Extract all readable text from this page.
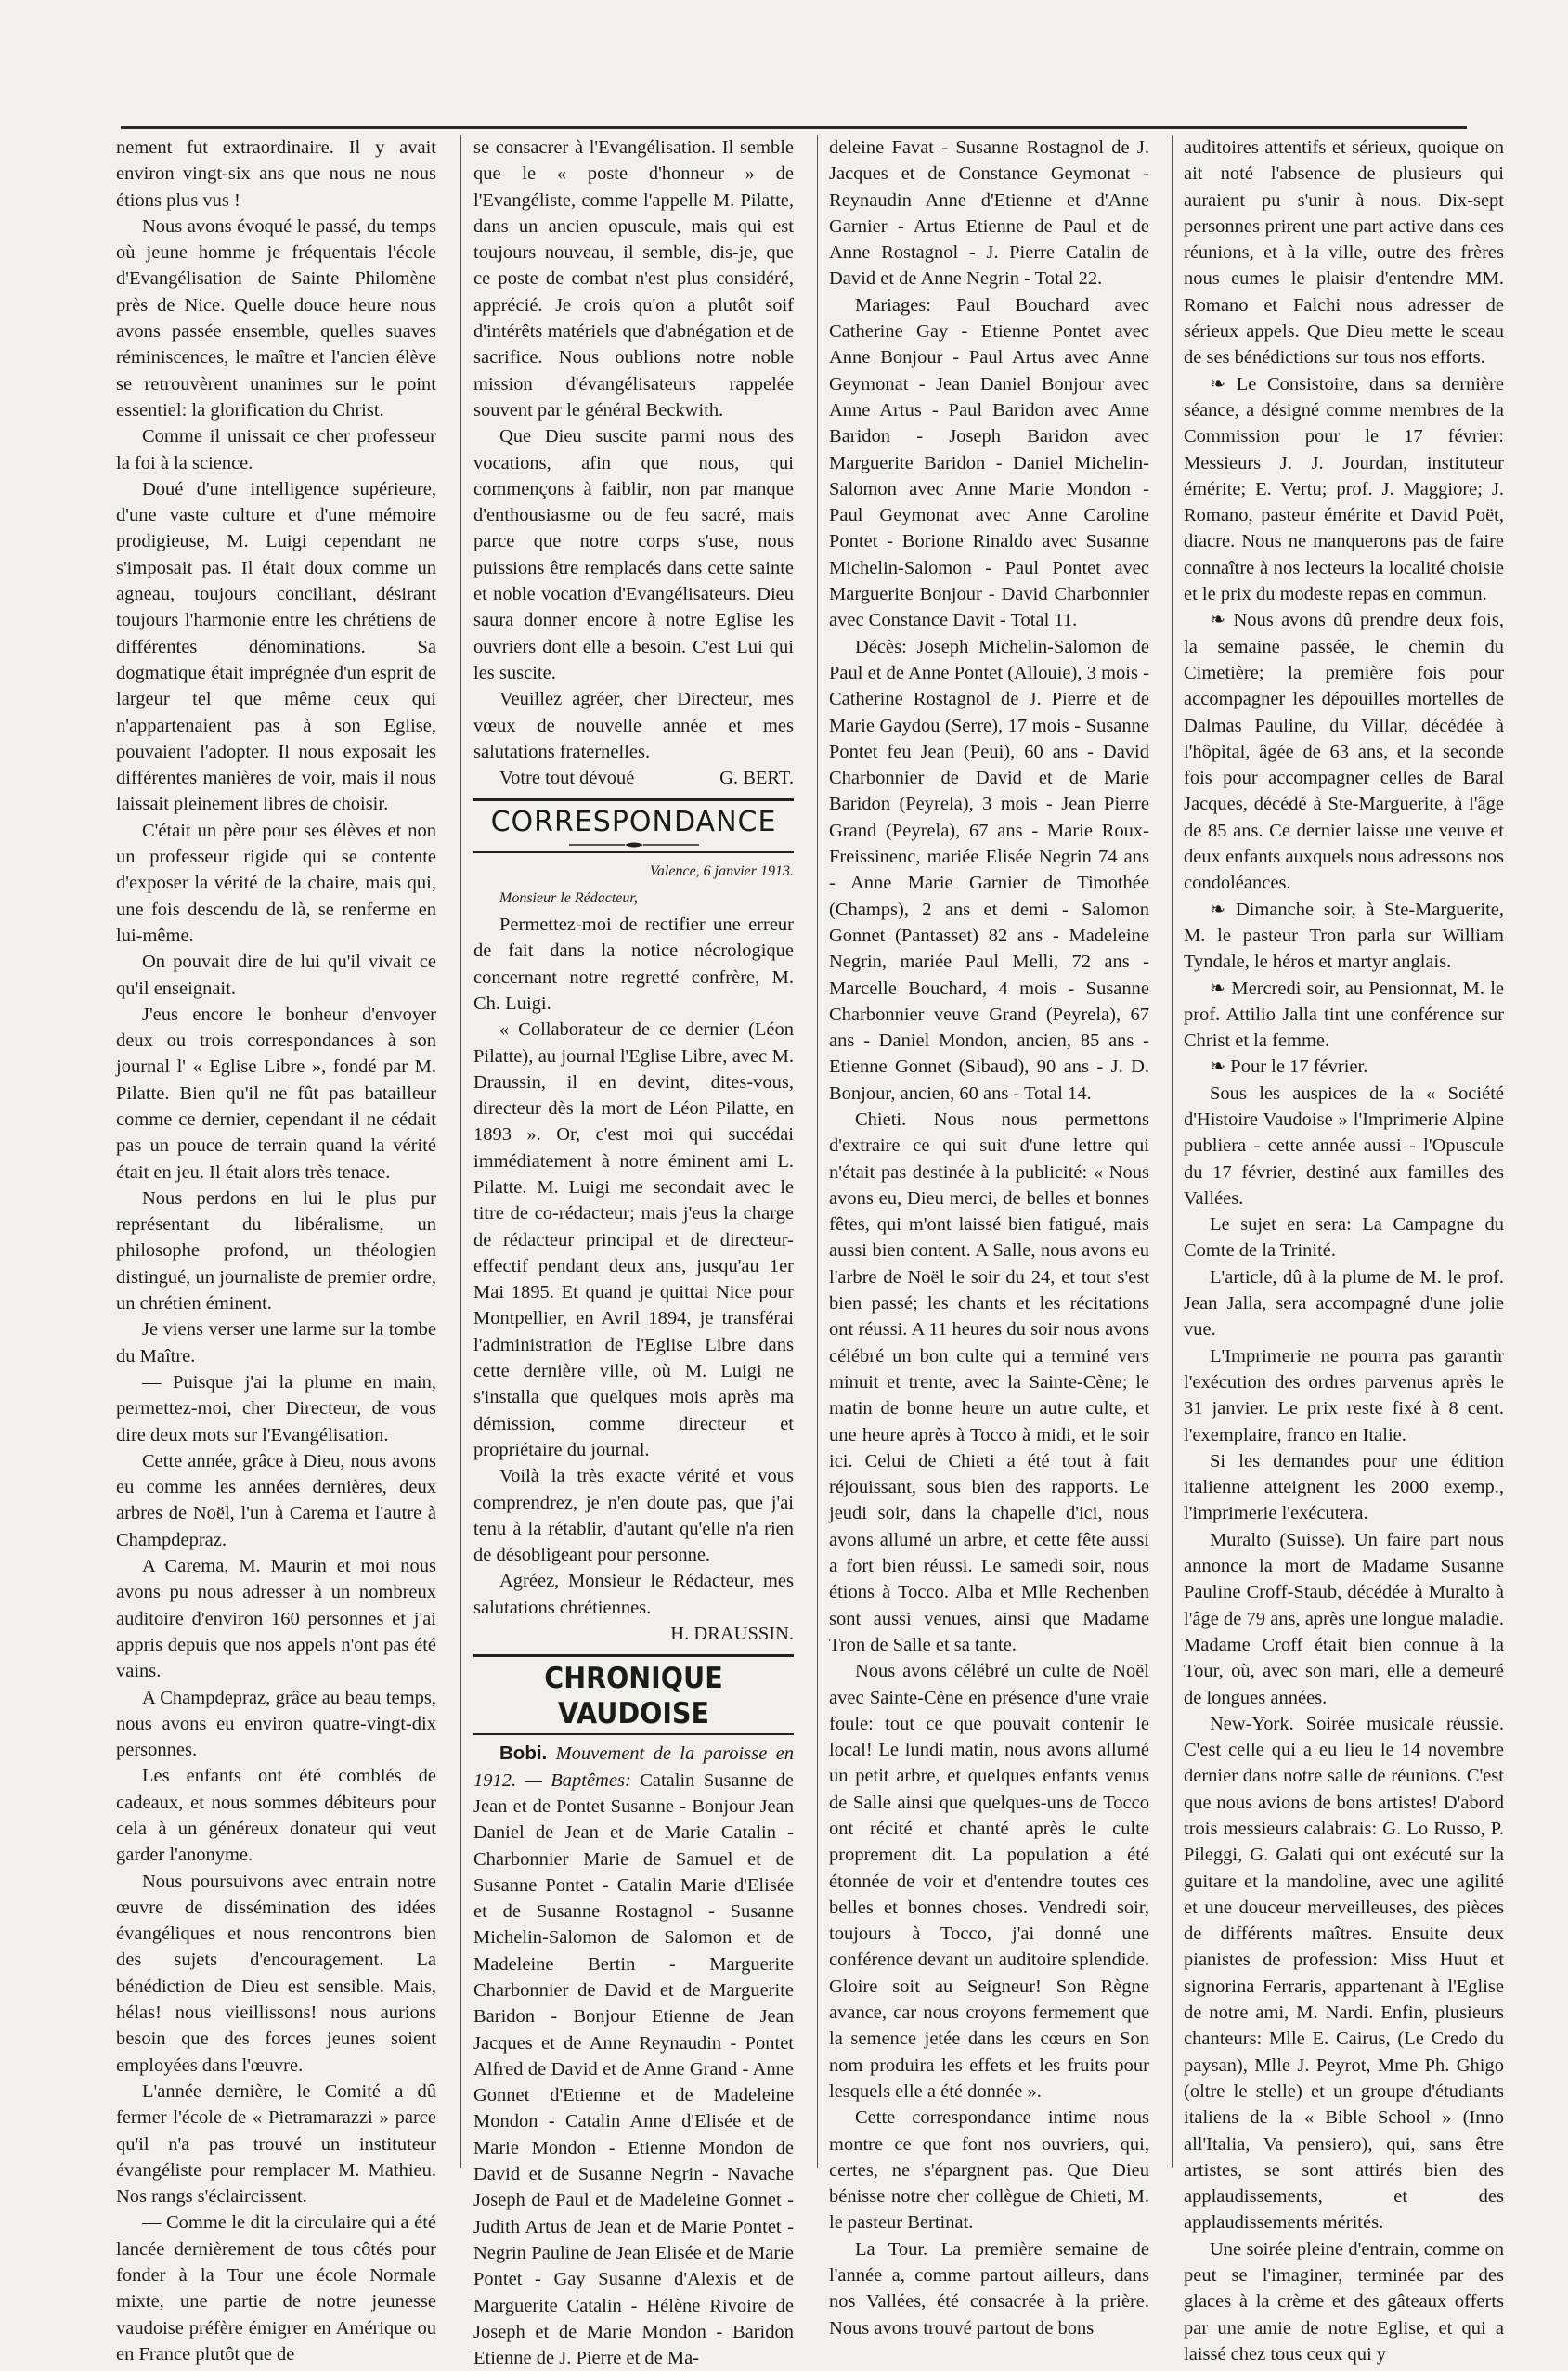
nement fut extraordinaire. Il y avait environ vingt-six ans que nous ne nous étions plus vus !

Nous avons évoqué le passé, du temps où jeune homme je fréquentais l'école d'Evangélisation de Sainte Philomène près de Nice. Quelle douce heure nous avons passée ensemble, quelles suaves réminiscences, le maître et l'ancien élève se retrouvèrent unanimes sur le point essentiel: la glorification du Christ.

Comme il unissait ce cher professeur la foi à la science.

Doué d'une intelligence supérieure, d'une vaste culture et d'une mémoire prodigieuse, M. Luigi cependant ne s'imposait pas. Il était doux comme un agneau, toujours conciliant, désirant toujours l'harmonie entre les chrétiens de différentes dénominations. Sa dogmatique était imprégnée d'un esprit de largeur tel que même ceux qui n'appartenaient pas à son Eglise, pouvaient l'adopter. Il nous exposait les différentes manières de voir, mais il nous laissait pleinement libres de choisir.

C'était un père pour ses élèves et non un professeur rigide qui se contente d'exposer la vérité de la chaire, mais qui, une fois descendu de là, se renferme en lui-même.

On pouvait dire de lui qu'il vivait ce qu'il enseignait.

J'eus encore le bonheur d'envoyer deux ou trois correspondances à son journal l' « Eglise Libre », fondé par M. Pilatte. Bien qu'il ne fût pas batailleur comme ce dernier, cependant il ne cédait pas un pouce de terrain quand la vérité était en jeu. Il était alors très tenace.

Nous perdons en lui le plus pur représentant du libéralisme, un philosophe profond, un théologien distingué, un journaliste de premier ordre, un chrétien éminent.

Je viens verser une larme sur la tombe du Maître.

— Puisque j'ai la plume en main, permettez-moi, cher Directeur, de vous dire deux mots sur l'Evangélisation.

Cette année, grâce à Dieu, nous avons eu comme les années dernières, deux arbres de Noël, l'un à Carema et l'autre à Champdepraz.

A Carema, M. Maurin et moi nous avons pu nous adresser à un nombreux auditoire d'environ 160 personnes et j'ai appris depuis que nos appels n'ont pas été vains.

A Champdepraz, grâce au beau temps, nous avons eu environ quatre-vingt-dix personnes.

Les enfants ont été comblés de cadeaux, et nous sommes débiteurs pour cela à un généreux donateur qui veut garder l'anonyme.

Nous poursuivons avec entrain notre œuvre de dissémination des idées évangéliques et nous rencontrons bien des sujets d'encouragement. La bénédiction de Dieu est sensible. Mais, hélas! nous vieillissons! nous aurions besoin que des forces jeunes soient employées dans l'œuvre.

L'année dernière, le Comité a dû fermer l'école de « Pietramarazzi » parce qu'il n'a pas trouvé un instituteur évangéliste pour remplacer M. Mathieu. Nos rangs s'éclaircissent.

— Comme le dit la circulaire qui a été lancée dernièrement de tous côtés pour fonder à la Tour une école Normale mixte, une partie de notre jeunesse vaudoise préfère émigrer en Amérique ou en France plutôt que de

se consacrer à l'Evangélisation. Il semble que le « poste d'honneur » de l'Evangéliste, comme l'appelle M. Pilatte, dans un ancien opuscule, mais qui est toujours nouveau, il semble, dis-je, que ce poste de combat n'est plus considéré, apprécié. Je crois qu'on a plutôt soif d'intérêts matériels que d'abnégation et de sacrifice. Nous oublions notre noble mission d'évangélisateurs rappelée souvent par le général Beckwith.

Que Dieu suscite parmi nous des vocations, afin que nous, qui commençons à faiblir, non par manque d'enthousiasme ou de feu sacré, mais parce que notre corps s'use, nous puissions être remplacés dans cette sainte et noble vocation d'Evangélisateurs. Dieu saura donner encore à notre Eglise les ouvriers dont elle a besoin. C'est Lui qui les suscite.

Veuillez agréer, cher Directeur, mes vœux de nouvelle année et mes salutations fraternelles.

Votre tout dévoué	G. BERT.

CORRESPONDANCE

Valence, 6 janvier 1913.

Monsieur le Rédacteur,

Permettez-moi de rectifier une erreur de fait dans la notice nécrologique concernant notre regretté confrère, M. Ch. Luigi.

« Collaborateur de ce dernier (Léon Pilatte), au journal l'Eglise Libre, avec M. Draussin, il en devint, dites-vous, directeur dès la mort de Léon Pilatte, en 1893 ». Or, c'est moi qui succédai immédiatement à notre éminent ami L. Pilatte. M. Luigi me secondait avec le titre de co-rédacteur; mais j'eus la charge de rédacteur principal et de directeur-effectif pendant deux ans, jusqu'au 1er Mai 1895. Et quand je quittai Nice pour Montpellier, en Avril 1894, je transférai l'administration de l'Eglise Libre dans cette dernière ville, où M. Luigi ne s'installa que quelques mois après ma démission, comme directeur et propriétaire du journal.

Voilà la très exacte vérité et vous comprendrez, je n'en doute pas, que j'ai tenu à la rétablir, d'autant qu'elle n'a rien de désobligeant pour personne.

Agréez, Monsieur le Rédacteur, mes salutations chrétiennes.

H. DRAUSSIN.

CHRONIQUE VAUDOISE

Bobi. Mouvement de la paroisse en 1912. — Baptêmes: Catalin Susanne de Jean et de Pontet Susanne - Bonjour Jean Daniel de Jean et de Marie Catalin - Charbonnier Marie de Samuel et de Susanne Pontet - Catalin Marie d'Elisée et de Susanne Rostagnol - Susanne Michelin-Salomon de Salomon et de Madeleine Bertin - Marguerite Charbonnier de David et de Marguerite Baridon - Bonjour Etienne de Jean Jacques et de Anne Reynaudin - Pontet Alfred de David et de Anne Grand - Anne Gonnet d'Etienne et de Madeleine Mondon - Catalin Anne d'Elisée et de Marie Mondon - Etienne Mondon de David et de Susanne Negrin - Navache Joseph de Paul et de Madeleine Gonnet - Judith Artus de Jean et de Marie Pontet - Negrin Pauline de Jean Elisée et de Marie Pontet - Gay Susanne d'Alexis et de Marguerite Catalin - Hélène Rivoire de Joseph et de Marie Mondon - Baridon Etienne de J. Pierre et de Ma-

deleine Favat - Susanne Rostagnol de J. Jacques et de Constance Geymonat - Reynaudin Anne d'Etienne et d'Anne Garnier - Artus Etienne de Paul et de Anne Rostagnol - J. Pierre Catalin de David et de Anne Negrin - Total 22.

Mariages: Paul Bouchard avec Catherine Gay - Etienne Pontet avec Anne Bonjour - Paul Artus avec Anne Geymonat - Jean Daniel Bonjour avec Anne Artus - Paul Baridon avec Anne Baridon - Joseph Baridon avec Marguerite Baridon - Daniel Michelin-Salomon avec Anne Marie Mondon - Paul Geymonat avec Anne Caroline Pontet - Borione Rinaldo avec Susanne Michelin-Salomon - Paul Pontet avec Marguerite Bonjour - David Charbonnier avec Constance Davit - Total 11.

Décès: Joseph Michelin-Salomon de Paul et de Anne Pontet (Allouie), 3 mois - Catherine Rostagnol de J. Pierre et de Marie Gaydou (Serre), 17 mois - Susanne Pontet feu Jean (Peui), 60 ans - David Charbonnier de David et de Marie Baridon (Peyrela), 3 mois - Jean Pierre Grand (Peyrela), 67 ans - Marie Roux-Freissinenc, mariée Elisée Negrin 74 ans - Anne Marie Garnier de Timothée (Champs), 2 ans et demi - Salomon Gonnet (Pantasset) 82 ans - Madeleine Negrin, mariée Paul Melli, 72 ans - Marcelle Bouchard, 4 mois - Susanne Charbonnier veuve Grand (Peyrela), 67 ans - Daniel Mondon, ancien, 85 ans - Etienne Gonnet (Sibaud), 90 ans - J. D. Bonjour, ancien, 60 ans - Total 14.

Chieti. Nous nous permettons d'extraire ce qui suit d'une lettre qui n'était pas destinée à la publicité: « Nous avons eu, Dieu merci, de belles et bonnes fêtes, qui m'ont laissé bien fatigué, mais aussi bien content. A Salle, nous avons eu l'arbre de Noël le soir du 24, et tout s'est bien passé; les chants et les récitations ont réussi. A 11 heures du soir nous avons célébré un bon culte qui a terminé vers minuit et trente, avec la Sainte-Cène; le matin de bonne heure un autre culte, et une heure après à Tocco à midi, et le soir ici. Celui de Chieti a été tout à fait réjouissant, sous bien des rapports. Le jeudi soir, dans la chapelle d'ici, nous avons allumé un arbre, et cette fête aussi a fort bien réussi. Le samedi soir, nous étions à Tocco. Alba et Mlle Rechenben sont aussi venues, ainsi que Madame Tron de Salle et sa tante.

Nous avons célébré un culte de Noël avec Sainte-Cène en présence d'une vraie foule: tout ce que pouvait contenir le local! Le lundi matin, nous avons allumé un petit arbre, et quelques enfants venus de Salle ainsi que quelques-uns de Tocco ont récité et chanté après le culte proprement dit. La population a été étonnée de voir et d'entendre toutes ces belles et bonnes choses. Vendredi soir, toujours à Tocco, j'ai donné une conférence devant un auditoire splendide. Gloire soit au Seigneur! Son Règne avance, car nous croyons fermement que la semence jetée dans les cœurs en Son nom produira les effets et les fruits pour lesquels elle a été donnée ».

Cette correspondance intime nous montre ce que font nos ouvriers, qui, certes, ne s'épargnent pas. Que Dieu bénisse notre cher collègue de Chieti, M. le pasteur Bertinat.

La Tour. La première semaine de l'année a, comme partout ailleurs, dans nos Vallées, été consacrée à la prière. Nous avons trouvé partout de bons

auditoires attentifs et sérieux, quoique on ait noté l'absence de plusieurs qui auraient pu s'unir à nous. Dix-sept personnes prirent une part active dans ces réunions, et à la ville, outre des frères nous eumes le plaisir d'entendre MM. Romano et Falchi nous adresser de sérieux appels. Que Dieu mette le sceau de ses bénédictions sur tous nos efforts.

❧ Le Consistoire, dans sa dernière séance, a désigné comme membres de la Commission pour le 17 février: Messieurs J. J. Jourdan, instituteur émérite; E. Vertu; prof. J. Maggiore; J. Romano, pasteur émérite et David Poët, diacre. Nous ne manquerons pas de faire connaître à nos lecteurs la localité choisie et le prix du modeste repas en commun.

❧ Nous avons dû prendre deux fois, la semaine passée, le chemin du Cimetière; la première fois pour accompagner les dépouilles mortelles de Dalmas Pauline, du Villar, décédée à l'hôpital, âgée de 63 ans, et la seconde fois pour accompagner celles de Baral Jacques, décédé à Ste-Marguerite, à l'âge de 85 ans. Ce dernier laisse une veuve et deux enfants auxquels nous adressons nos condoléances.

❧ Dimanche soir, à Ste-Marguerite, M. le pasteur Tron parla sur William Tyndale, le héros et martyr anglais.

❧ Mercredi soir, au Pensionnat, M. le prof. Attilio Jalla tint une conférence sur Christ et la femme.

❧ Pour le 17 février.

Sous les auspices de la « Société d'Histoire Vaudoise » l'Imprimerie Alpine publiera - cette année aussi - l'Opuscule du 17 février, destiné aux familles des Vallées.

Le sujet en sera: La Campagne du Comte de la Trinité.

L'article, dû à la plume de M. le prof. Jean Jalla, sera accompagné d'une jolie vue.

L'Imprimerie ne pourra pas garantir l'exécution des ordres parvenus après le 31 janvier. Le prix reste fixé à 8 cent. l'exemplaire, franco en Italie.

Si les demandes pour une édition italienne atteignent les 2000 exemp., l'imprimerie l'exécutera.

Muralto (Suisse). Un faire part nous annonce la mort de Madame Susanne Pauline Croff-Staub, décédée à Muralto à l'âge de 79 ans, après une longue maladie. Madame Croff était bien connue à la Tour, où, avec son mari, elle a demeuré de longues années.

New-York. Soirée musicale réussie. C'est celle qui a eu lieu le 14 novembre dernier dans notre salle de réunions. C'est que nous avions de bons artistes! D'abord trois messieurs calabrais: G. Lo Russo, P. Pileggi, G. Galati qui ont exécuté sur la guitare et la mandoline, avec une agilité et une douceur merveilleuses, des pièces de différents maîtres. Ensuite deux pianistes de profession: Miss Huut et signorina Ferraris, appartenant à l'Eglise de notre ami, M. Nardi. Enfin, plusieurs chanteurs: Mlle E. Cairus, (Le Credo du paysan), Mlle J. Peyrot, Mme Ph. Ghigo (oltre le stelle) et un groupe d'étudiants italiens de la « Bible School » (Inno all'Italia, Va pensiero), qui, sans être artistes, se sont attirés bien des applaudissements, et des applaudissements mérités.

Une soirée pleine d'entrain, comme on peut se l'imaginer, terminée par des glaces à la crème et des gâteaux offerts par une amie de notre Eglise, et qui a laissé chez tous ceux qui y
